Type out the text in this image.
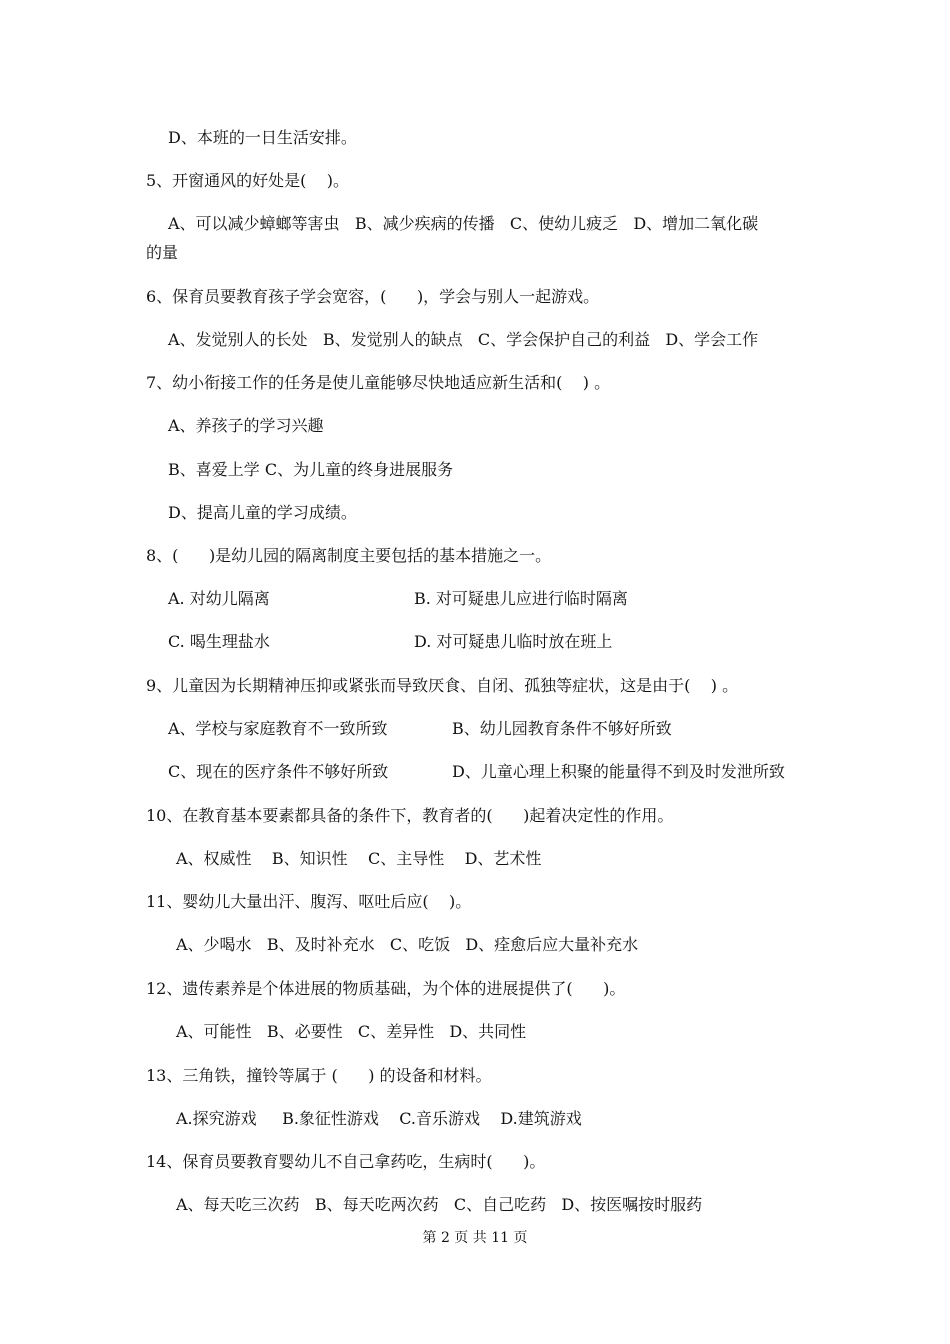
D、本班的一日生活安排。
5、开窗通风的好处是(    )。
A、可以减少蟑螂等害虫   B、减少疾病的传播   C、使幼儿疲乏   D、增加二氧化碳
的量
6、保育员要教育孩子学会宽容，(      )，学会与别人一起游戏。
A、发觉别人的长处   B、发觉别人的缺点   C、学会保护自己的利益   D、学会工作
7、幼小衔接工作的任务是使儿童能够尽快地适应新生活和(    ) 。
A、养孩子的学习兴趣
B、喜爱上学 C、为儿童的终身进展服务
D、提高儿童的学习成绩。
8、(      )是幼儿园的隔离制度主要包括的基本措施之一。
A. 对幼儿隔离	B. 对可疑患儿应进行临时隔离
C. 喝生理盐水	D. 对可疑患儿临时放在班上
9、儿童因为长期精神压抑或紧张而导致厌食、自闭、孤独等症状，这是由于(    ) 。
A、学校与家庭教育不一致所致	B、幼儿园教育条件不够好所致
C、现在的医疗条件不够好所致	D、儿童心理上积聚的能量得不到及时发泄所致
10、在教育基本要素都具备的条件下，教育者的(      )起着决定性的作用。
A、权威性    B、知识性    C、主导性    D、艺术性
11、婴幼儿大量出汗、腹泻、呕吐后应(    )。
A、少喝水   B、及时补充水   C、吃饭   D、痊愈后应大量补充水
12、遗传素养是个体进展的物质基础，为个体的进展提供了(      )。
A、可能性   B、必要性   C、差异性   D、共同性
13、三角铁，撞铃等属于 (      ) 的设备和材料。
A.探究游戏     B.象征性游戏    C.音乐游戏    D.建筑游戏
14、保育员要教育婴幼儿不自己拿药吃，生病时(      )。
A、每天吃三次药   B、每天吃两次药   C、自己吃药   D、按医嘱按时服药
第 2 页 共 11 页
